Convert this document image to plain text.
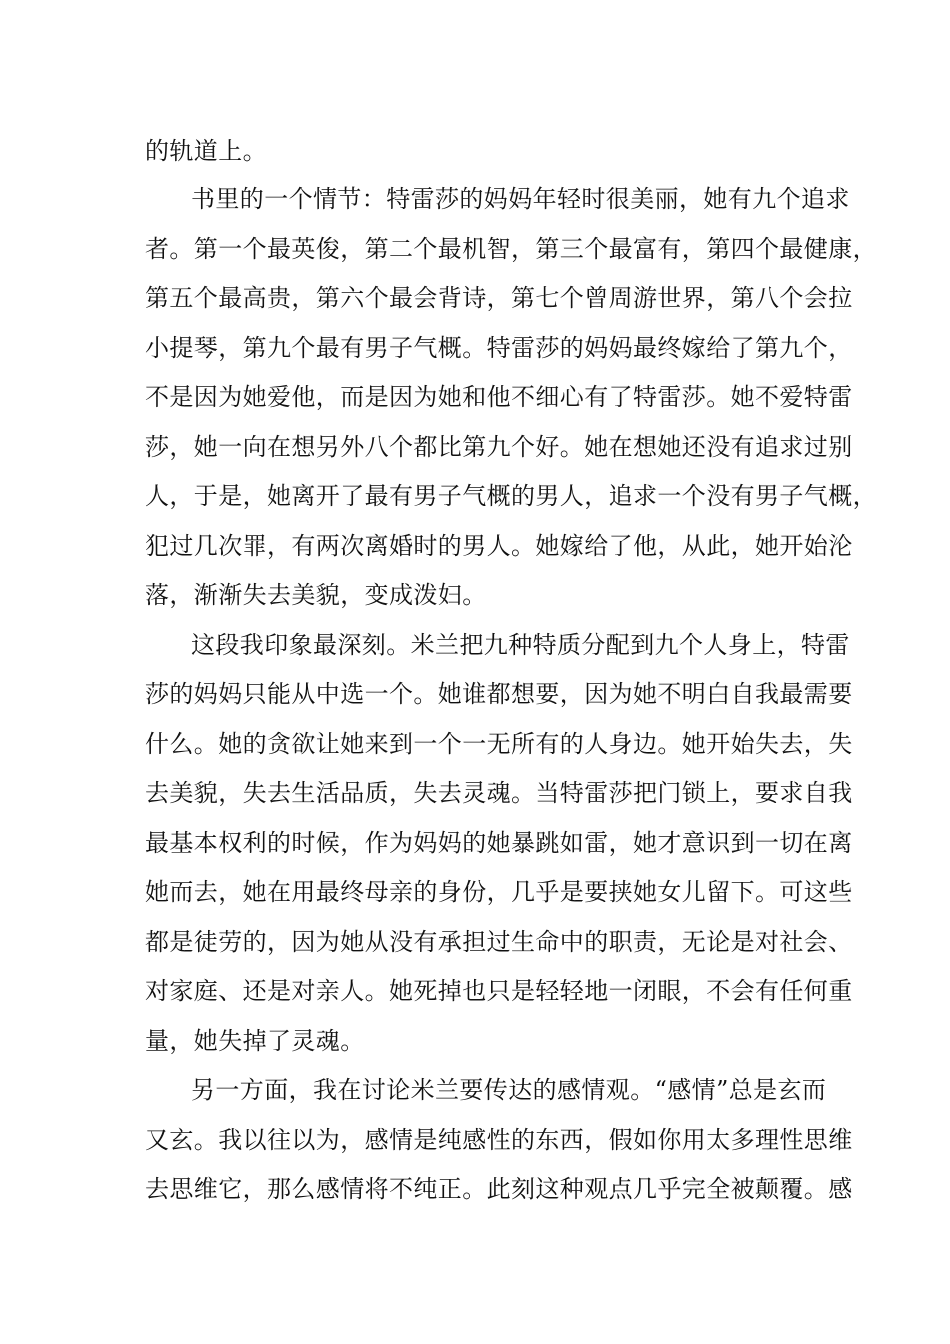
的轨道上。
书里的一个情节：特雷莎的妈妈年轻时很美丽，她有九个追求
者。第一个最英俊，第二个最机智，第三个最富有，第四个最健康，
第五个最高贵，第六个最会背诗，第七个曾周游世界，第八个会拉
小提琴，第九个最有男子气概。特雷莎的妈妈最终嫁给了第九个，
不是因为她爱他，而是因为她和他不细心有了特雷莎。她不爱特雷
莎，她一向在想另外八个都比第九个好。她在想她还没有追求过别
人，于是，她离开了最有男子气概的男人，追求一个没有男子气概，
犯过几次罪，有两次离婚时的男人。她嫁给了他，从此，她开始沦
落，渐渐失去美貌，变成泼妇。
这段我印象最深刻。米兰把九种特质分配到九个人身上，特雷
莎的妈妈只能从中选一个。她谁都想要，因为她不明白自我最需要
什么。她的贪欲让她来到一个一无所有的人身边。她开始失去，失
去美貌，失去生活品质，失去灵魂。当特雷莎把门锁上，要求自我
最基本权利的时候，作为妈妈的她暴跳如雷，她才意识到一切在离
她而去，她在用最终母亲的身份，几乎是要挟她女儿留下。可这些
都是徒劳的，因为她从没有承担过生命中的职责，无论是对社会、
对家庭、还是对亲人。她死掉也只是轻轻地一闭眼，不会有任何重
量，她失掉了灵魂。
另一方面，我在讨论米兰要传达的感情观。“感情”总是玄而
又玄。我以往以为，感情是纯感性的东西，假如你用太多理性思维
去思维它，那么感情将不纯正。此刻这种观点几乎完全被颠覆。感
